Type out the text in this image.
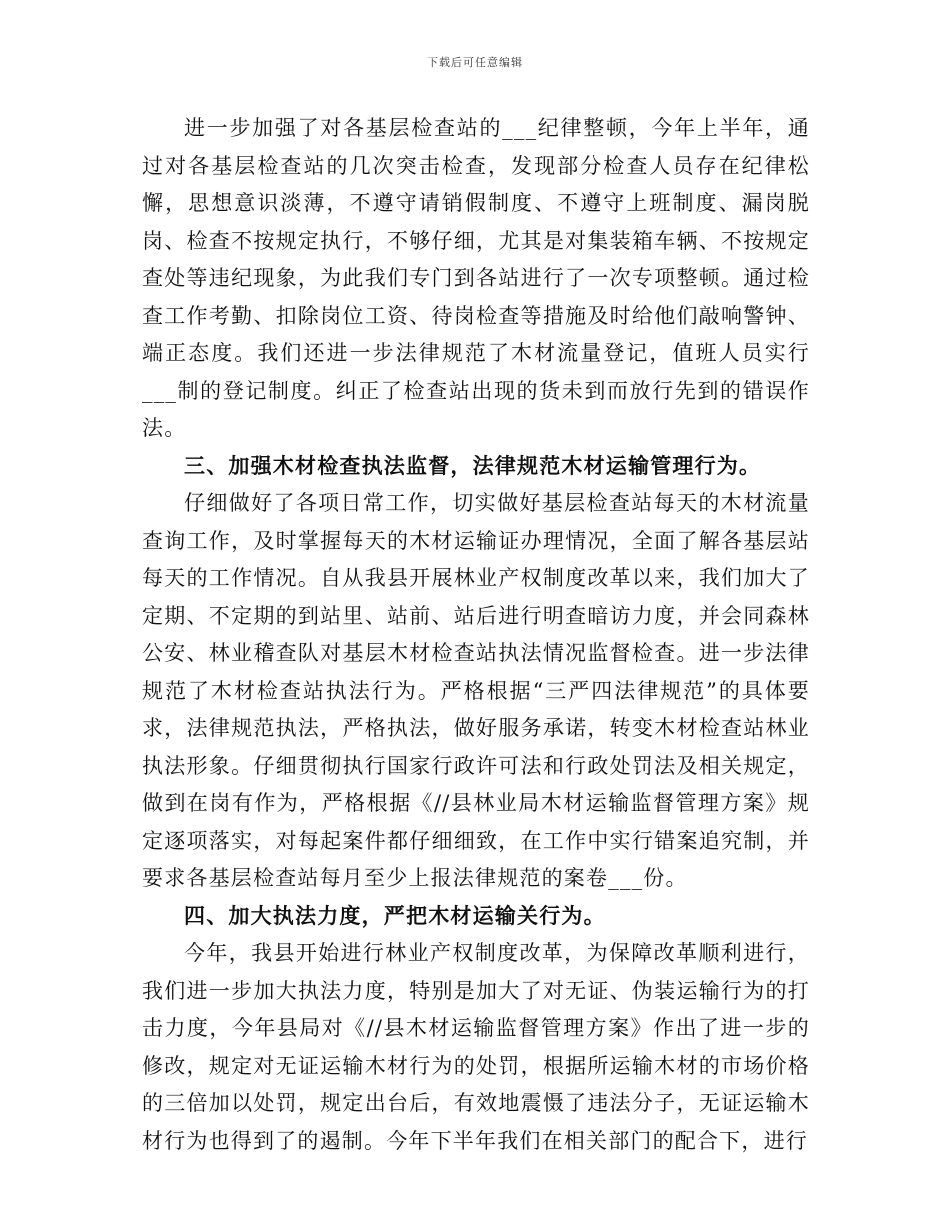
下载后可任意编辑

进一步加强了对各基层检查站的___纪律整顿，今年上半年，通过对各基层检查站的几次突击检查，发现部分检查人员存在纪律松懈，思想意识淡薄，不遵守请销假制度、不遵守上班制度、漏岗脱岗、检查不按规定执行，不够仔细，尤其是对集装箱车辆、不按规定查处等违纪现象，为此我们专门到各站进行了一次专项整顿。通过检查工作考勤、扣除岗位工资、待岗检查等措施及时给他们敲响警钟、端正态度。我们还进一步法律规范了木材流量登记，值班人员实行___制的登记制度。纠正了检查站出现的货未到而放行先到的错误作法。

三、加强木材检查执法监督，法律规范木材运输管理行为。

仔细做好了各项日常工作，切实做好基层检查站每天的木材流量查询工作，及时掌握每天的木材运输证办理情况，全面了解各基层站每天的工作情况。自从我县开展林业产权制度改革以来，我们加大了定期、不定期的到站里、站前、站后进行明查暗访力度，并会同森林公安、林业稽查队对基层木材检查站执法情况监督检查。进一步法律规范了木材检查站执法行为。严格根据“三严四法律规范”的具体要求，法律规范执法，严格执法，做好服务承诺，转变木材检查站林业执法形象。仔细贯彻执行国家行政许可法和行政处罚法及相关规定，做到在岗有作为，严格根据《//县林业局木材运输监督管理方案》规定逐项落实，对每起案件都仔细细致，在工作中实行错案追究制，并要求各基层检查站每月至少上报法律规范的案卷___份。

四、加大执法力度，严把木材运输关行为。

今年，我县开始进行林业产权制度改革，为保障改革顺利进行，我们进一步加大执法力度，特别是加大了对无证、伪装运输行为的打击力度，今年县局对《//县木材运输监督管理方案》作出了进一步的修改，规定对无证运输木材行为的处罚，根据所运输木材的市场价格的三倍加以处罚，规定出台后，有效地震慑了违法分子，无证运输木材行为也得到了的遏制。今年下半年我们在相关部门的配合下，进行
